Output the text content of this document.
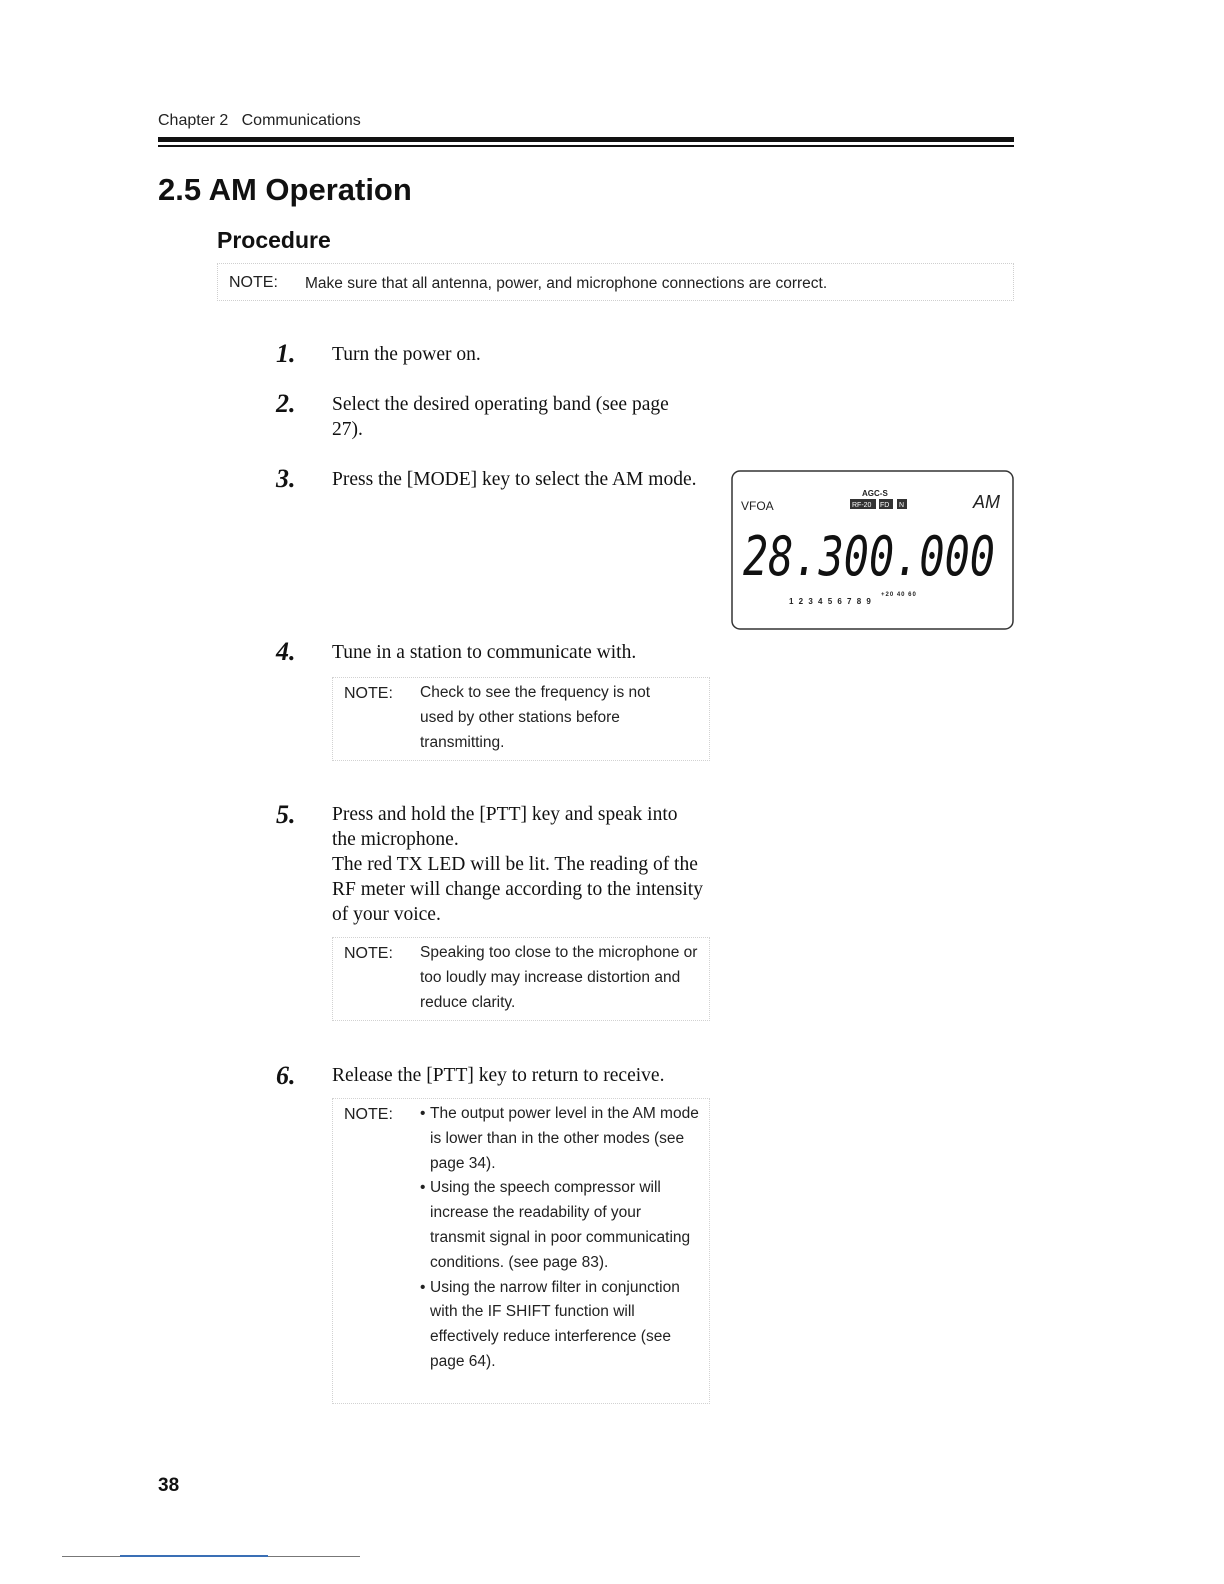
Chapter 2 Communications
2.5 AM Operation
Procedure
NOTE: Make sure that all antenna, power, and microphone connections are correct.
1.	Turn the power on.
2.	Select the desired operating band (see page 27).
3.	Press the [MODE] key to select the AM mode.
VFOA
AGC-S
RF-20 FD N	AM
28.300.000
1 2 3 4 5 6 7 8 9
+20 40 60
4.	Tune in a station to communicate with.
NOTE: Check to see the frequency is not used by other stations before transmitting.
5.	Press and hold the [PTT] key and speak into the microphone.
The red TX LED will be lit. The reading of the RF meter will change according to the intensity of your voice.
NOTE: Speaking too close to the microphone or too loudly may increase distortion and reduce clarity.
6.	Release the [PTT] key to return to receive.
NOTE:
•	The output power level in the AM mode is lower than in the other modes (see page 34).
• Using the speech compressor will increase the readability of your transmit signal in poor communicating conditions. (see page 83).
• Using the narrow filter in conjunction with the IF SHIFT function will effectively reduce interference (see page 64).
38
